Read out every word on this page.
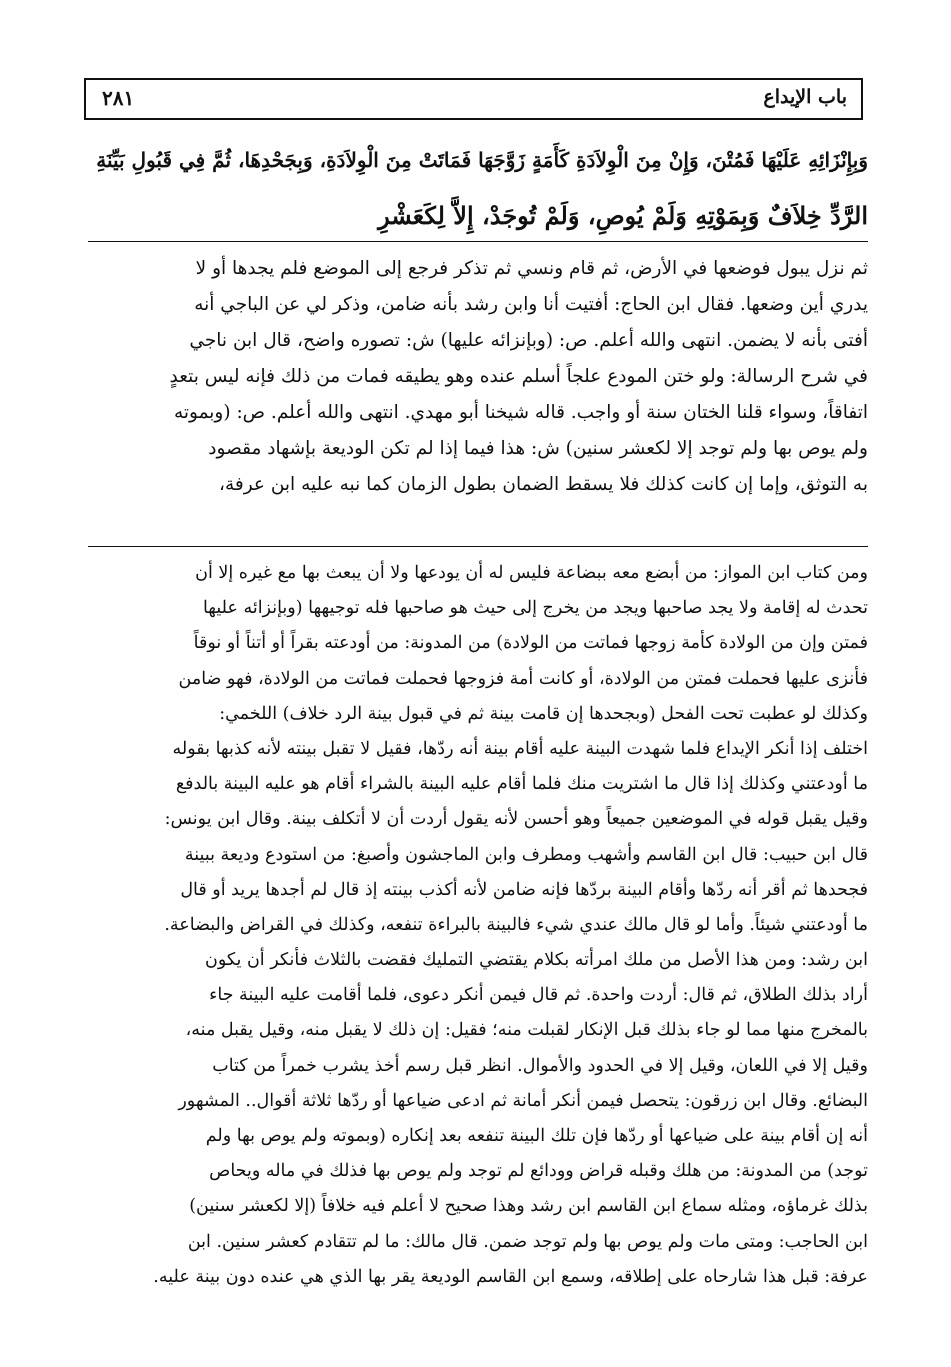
باب الإيداع
٢٨١
وَبِإِنْزَائِهِ عَلَيْهَا فَمُتْنَ، وَإِنْ مِنَ الْوِلاَدَةِ كَأَمَةٍ زَوَّجَهَا فَمَاتَتْ مِنَ الْوِلاَدَةِ، وَبِجَحْدِهَا، ثُمَّ فِي قَبُولِ بَيِّنَةِ
الرَّدِّ خِلاَفٌ وَبِمَوْتِهِ وَلَمْ يُوصِ، وَلَمْ تُوجَدْ، إِلاَّ لِكَعَشْرِ
ثم نزل يبول فوضعها في الأرض، ثم قام ونسي ثم تذكر فرجع إلى الموضع فلم يجدها أو لا
يدري أين وضعها. فقال ابن الحاج: أفتيت أنا وابن رشد بأنه ضامن، وذكر لي عن الباجي أنه
أفتى بأنه لا يضمن. انتهى والله أعلم. ص: (وبإنزائه عليها) ش: تصوره واضح، قال ابن ناجي
في شرح الرسالة: ولو ختن المودع علجاً أسلم عنده وهو يطيقه فمات من ذلك فإنه ليس بتعدٍ
اتفاقاً، وسواء قلنا الختان سنة أو واجب. قاله شيخنا أبو مهدي. انتهى والله أعلم. ص: (وبموته
ولم يوص بها ولم توجد إلا لكعشر سنين) ش: هذا فيما إذا لم تكن الوديعة بإشهاد مقصود
به التوثق، وإما إن كانت كذلك فلا يسقط الضمان بطول الزمان كما نبه عليه ابن عرفة،
ومن كتاب ابن المواز: من أبضع معه ببضاعة فليس له أن يودعها ولا أن يبعث بها مع غيره إلا أن
تحدث له إقامة ولا يجد صاحبها ويجد من يخرج إلى حيث هو صاحبها فله توجيهها (وبإنزائه عليها
فمتن وإن من الولادة كأمة زوجها فماتت من الولادة) من المدونة: من أودعته بقراً أو أتناً أو نوقاً
فأنزى عليها فحملت فمتن من الولادة، أو كانت أمة فزوجها فحملت فماتت من الولادة، فهو ضامن
وكذلك لو عطبت تحت الفحل (وبجحدها إن قامت بينة ثم في قبول بينة الرد خلاف) اللخمي:
اختلف إذا أنكر الإيداع فلما شهدت البينة عليه أقام بينة أنه ردّها، فقيل لا تقبل بينته لأنه كذبها بقوله
ما أودعتني وكذلك إذا قال ما اشتريت منك فلما أقام عليه البينة بالشراء أقام هو عليه البينة بالدفع
وقيل يقبل قوله في الموضعين جميعاً وهو أحسن لأنه يقول أردت أن لا أتكلف بينة. وقال ابن يونس:
قال ابن حبيب: قال ابن القاسم وأشهب ومطرف وابن الماجشون وأصبغ: من استودع وديعة ببينة
فجحدها ثم أقر أنه ردّها وأقام البينة بردّها فإنه ضامن لأنه أكذب بينته إذ قال لم أجدها يريد أو قال
ما أودعتني شيئاً. وأما لو قال مالك عندي شيء فالبينة بالبراءة تنفعه، وكذلك في القراض والبضاعة.
ابن رشد: ومن هذا الأصل من ملك امرأته بكلام يقتضي التمليك فقضت بالثلاث فأنكر أن يكون
أراد بذلك الطلاق، ثم قال: أردت واحدة. ثم قال فيمن أنكر دعوى، فلما أقامت عليه البينة جاء
بالمخرج منها مما لو جاء بذلك قبل الإنكار لقبلت منه؛ فقيل: إن ذلك لا يقبل منه، وقيل يقبل منه،
وقيل إلا في اللعان، وقيل إلا في الحدود والأموال. انظر قبل رسم أخذ يشرب خمراً من كتاب
البضائع. وقال ابن زرقون: يتحصل فيمن أنكر أمانة ثم ادعى ضياعها أو ردّها ثلاثة أقوال.. المشهور
أنه إن أقام بينة على ضياعها أو ردّها فإن تلك البينة تنفعه بعد إنكاره (وبموته ولم يوص بها ولم
توجد) من المدونة: من هلك وقبله قراض وودائع لم توجد ولم يوص بها فذلك في ماله ويحاص
بذلك غرماؤه، ومثله سماع ابن القاسم ابن رشد وهذا صحيح لا أعلم فيه خلافاً (إلا لكعشر سنين)
ابن الحاجب: ومتى مات ولم يوص بها ولم توجد ضمن. قال مالك: ما لم تتقادم كعشر سنين. ابن
عرفة: قبل هذا شارحاه على إطلاقه، وسمع ابن القاسم الوديعة يقر بها الذي هي عنده دون بينة عليه.
